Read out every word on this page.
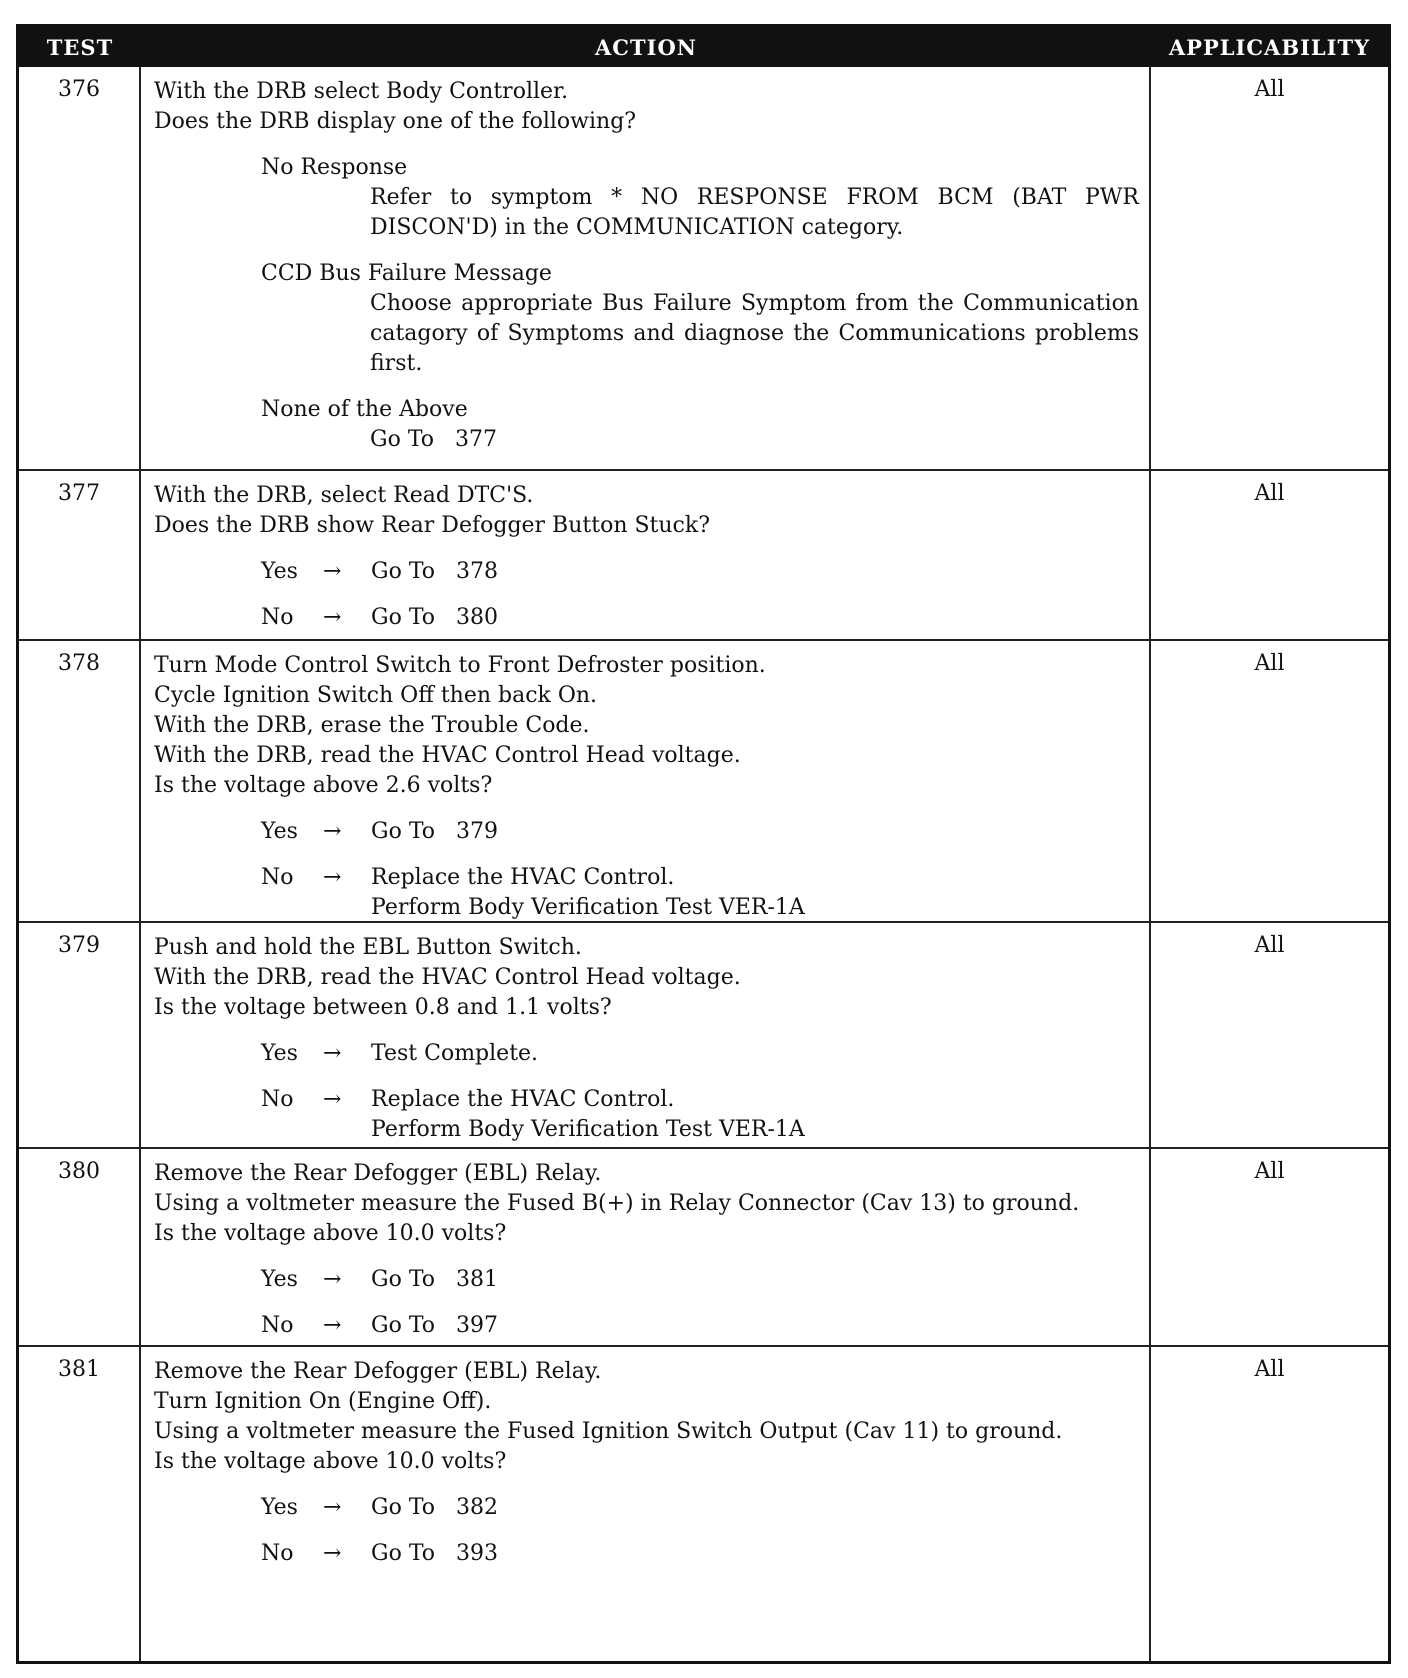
TEST	ACTION	APPLICABILITY
376	With the DRB select Body Controller.
Does the DRB display one of the following?
No Response
Refer to symptom * NO RESPONSE FROM BCM (BAT PWR DISCON'D) in the COMMUNICATION category.
CCD Bus Failure Message
Choose appropriate Bus Failure Symptom from the Communication catagory of Symptoms and diagnose the Communications problems first.
None of the Above
Go To   377
All
377	With the DRB, select Read DTC'S.
Does the DRB show Rear Defogger Button Stuck?
Yes → Go To   378
No → Go To   380
All
378	Turn Mode Control Switch to Front Defroster position.
Cycle Ignition Switch Off then back On.
With the DRB, erase the Trouble Code.
With the DRB, read the HVAC Control Head voltage.
Is the voltage above 2.6 volts?
Yes → Go To   379
No → Replace the HVAC Control.
Perform Body Verification Test VER-1A
All
379	Push and hold the EBL Button Switch.
With the DRB, read the HVAC Control Head voltage.
Is the voltage between 0.8 and 1.1 volts?
Yes → Test Complete.
No → Replace the HVAC Control.
Perform Body Verification Test VER-1A
All
380	Remove the Rear Defogger (EBL) Relay.
Using a voltmeter measure the Fused B(+) in Relay Connector (Cav 13) to ground.
Is the voltage above 10.0 volts?
Yes → Go To   381
No → Go To   397
All
381	Remove the Rear Defogger (EBL) Relay.
Turn Ignition On (Engine Off).
Using a voltmeter measure the Fused Ignition Switch Output (Cav 11) to ground.
Is the voltage above 10.0 volts?
Yes → Go To   382
No → Go To   393
All
